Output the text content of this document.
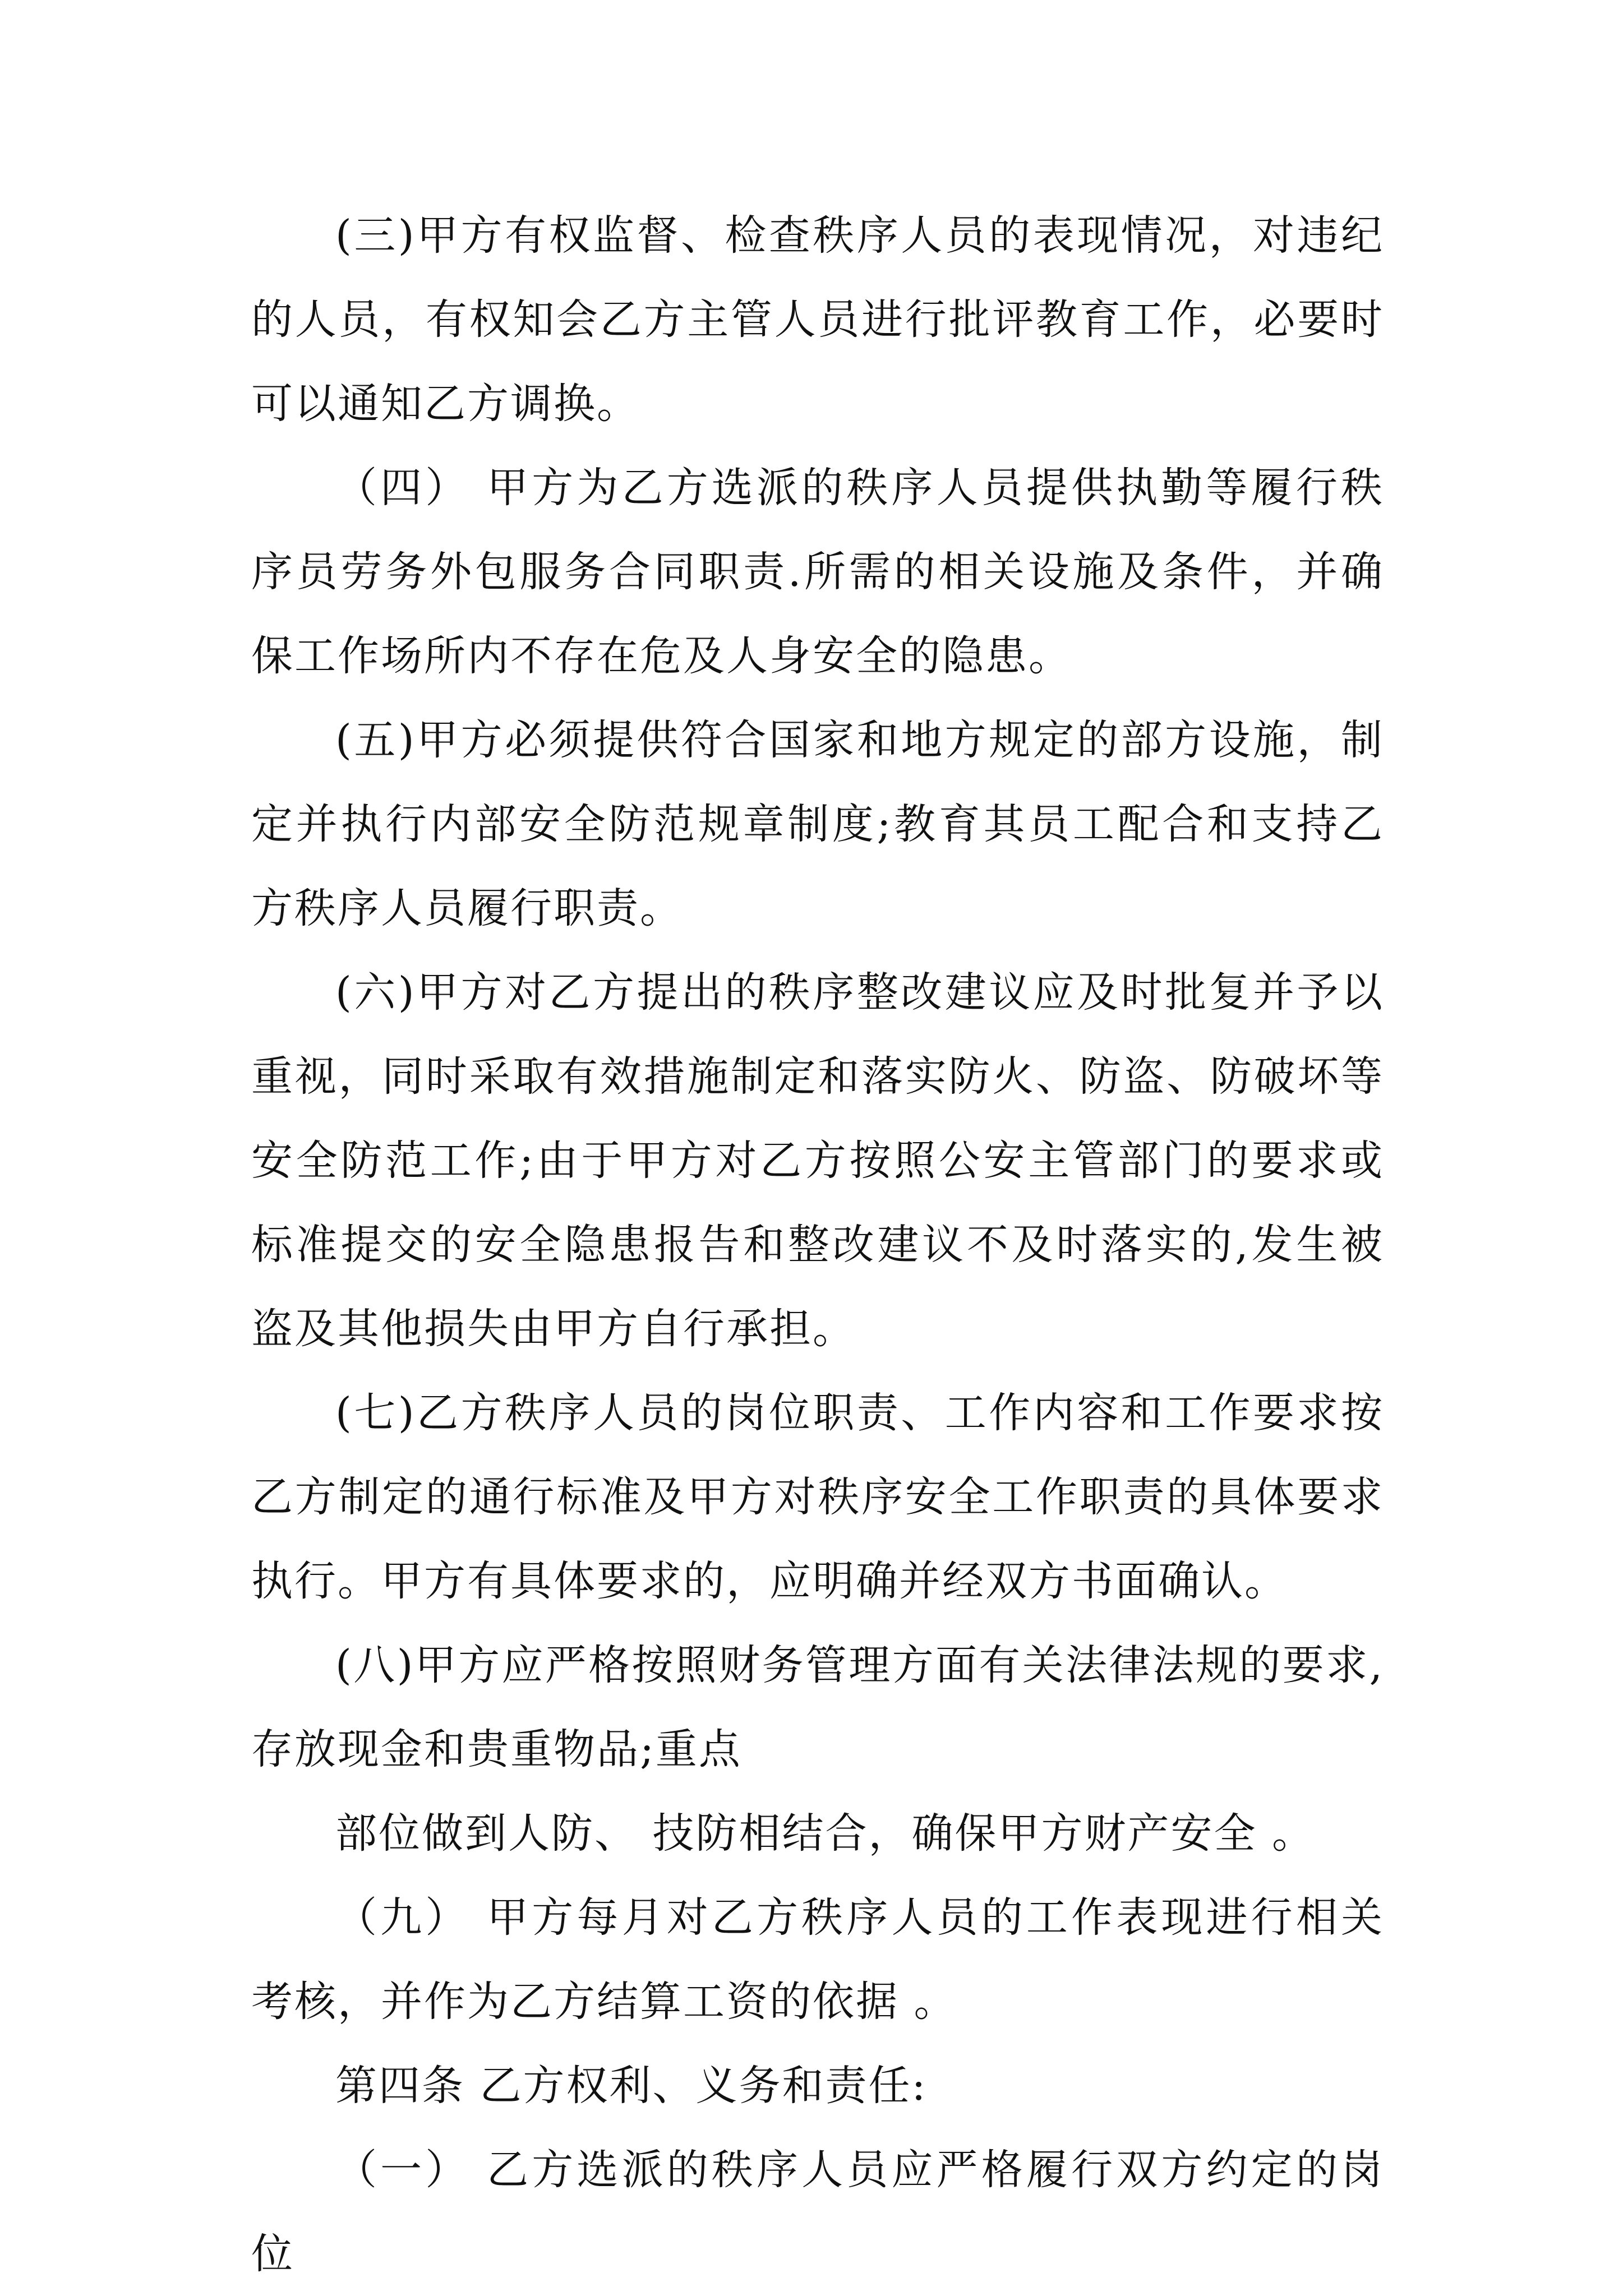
(三)甲方有权监督、检查秩序人员的表现情况，对违纪的人员，有权知会乙方主管人员进行批评教育工作，必要时可以通知乙方调换。

（四） 甲方为乙方选派的秩序人员提供执勤等履行秩序员劳务外包服务合同职责.所需的相关设施及条件，并确保工作场所内不存在危及人身安全的隐患。

(五)甲方必须提供符合国家和地方规定的部方设施，制定并执行内部安全防范规章制度;教育其员工配合和支持乙方秩序人员履行职责。

(六)甲方对乙方提出的秩序整改建议应及时批复并予以重视，同时采取有效措施制定和落实防火、防盗、防破坏等安全防范工作;由于甲方对乙方按照公安主管部门的要求或标准提交的安全隐患报告和整改建议不及时落实的,发生被盗及其他损失由甲方自行承担。

(七)乙方秩序人员的岗位职责、工作内容和工作要求按乙方制定的通行标准及甲方对秩序安全工作职责的具体要求执行。甲方有具体要求的，应明确并经双方书面确认。

(八)甲方应严格按照财务管理方面有关法律法规的要求,存放现金和贵重物品;重点

部位做到人防、 技防相结合，确保甲方财产安全 。

（九） 甲方每月对乙方秩序人员的工作表现进行相关考核，并作为乙方结算工资的依据 。

第四条 乙方权利、义务和责任:

（一） 乙方选派的秩序人员应严格履行双方约定的岗位
